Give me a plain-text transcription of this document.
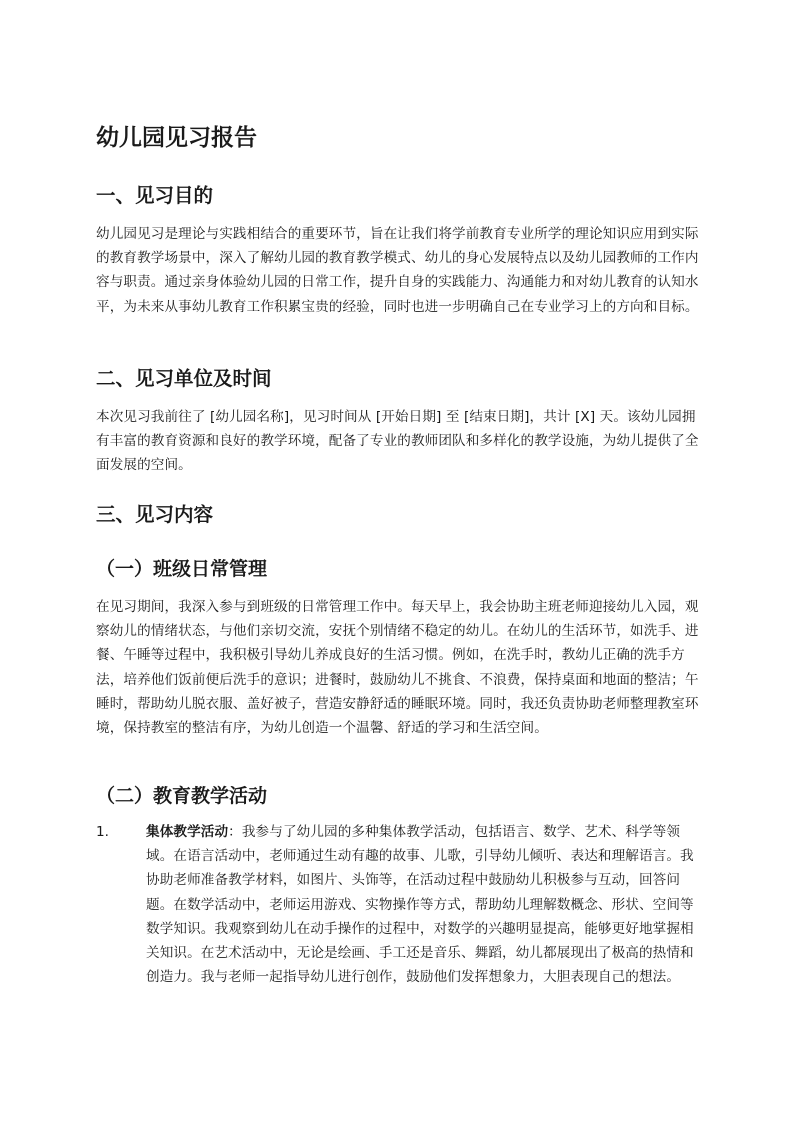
幼儿园见习报告
一、见习目的

幼儿园见习是理论与实践相结合的重要环节，旨在让我们将学前教育专业所学的理论知识应用到实际的教育教学场景中，深入了解幼儿园的教育教学模式、幼儿的身心发展特点以及幼儿园教师的工作内容与职责。通过亲身体验幼儿园的日常工作，提升自身的实践能力、沟通能力和对幼儿教育的认知水平，为未来从事幼儿教育工作积累宝贵的经验，同时也进一步明确自己在专业学习上的方向和目标。

二、见习单位及时间

本次见习我前往了 [幼儿园名称]，见习时间从 [开始日期] 至 [结束日期]，共计 [X] 天。该幼儿园拥有丰富的教育资源和良好的教学环境，配备了专业的教师团队和多样化的教学设施，为幼儿提供了全面发展的空间。

三、见习内容
（一）班级日常管理

在见习期间，我深入参与到班级的日常管理工作中。每天早上，我会协助主班老师迎接幼儿入园，观察幼儿的情绪状态，与他们亲切交流，安抚个别情绪不稳定的幼儿。在幼儿的生活环节，如洗手、进餐、午睡等过程中，我积极引导幼儿养成良好的生活习惯。例如，在洗手时，教幼儿正确的洗手方法，培养他们饭前便后洗手的意识；进餐时，鼓励幼儿不挑食、不浪费，保持桌面和地面的整洁；午睡时，帮助幼儿脱衣服、盖好被子，营造安静舒适的睡眠环境。同时，我还负责协助老师整理教室环境，保持教室的整洁有序，为幼儿创造一个温馨、舒适的学习和生活空间。

（二）教育教学活动
1.	集体教学活动：我参与了幼儿园的多种集体教学活动，包括语言、数学、艺术、科学等领域。在语言活动中，老师通过生动有趣的故事、儿歌，引导幼儿倾听、表达和理解语言。我协助老师准备教学材料，如图片、头饰等，在活动过程中鼓励幼儿积极参与互动，回答问题。在数学活动中，老师运用游戏、实物操作等方式，帮助幼儿理解数概念、形状、空间等数学知识。我观察到幼儿在动手操作的过程中，对数学的兴趣明显提高，能够更好地掌握相关知识。在艺术活动中，无论是绘画、手工还是音乐、舞蹈，幼儿都展现出了极高的热情和创造力。我与老师一起指导幼儿进行创作，鼓励他们发挥想象力，大胆表现自己的想法。
